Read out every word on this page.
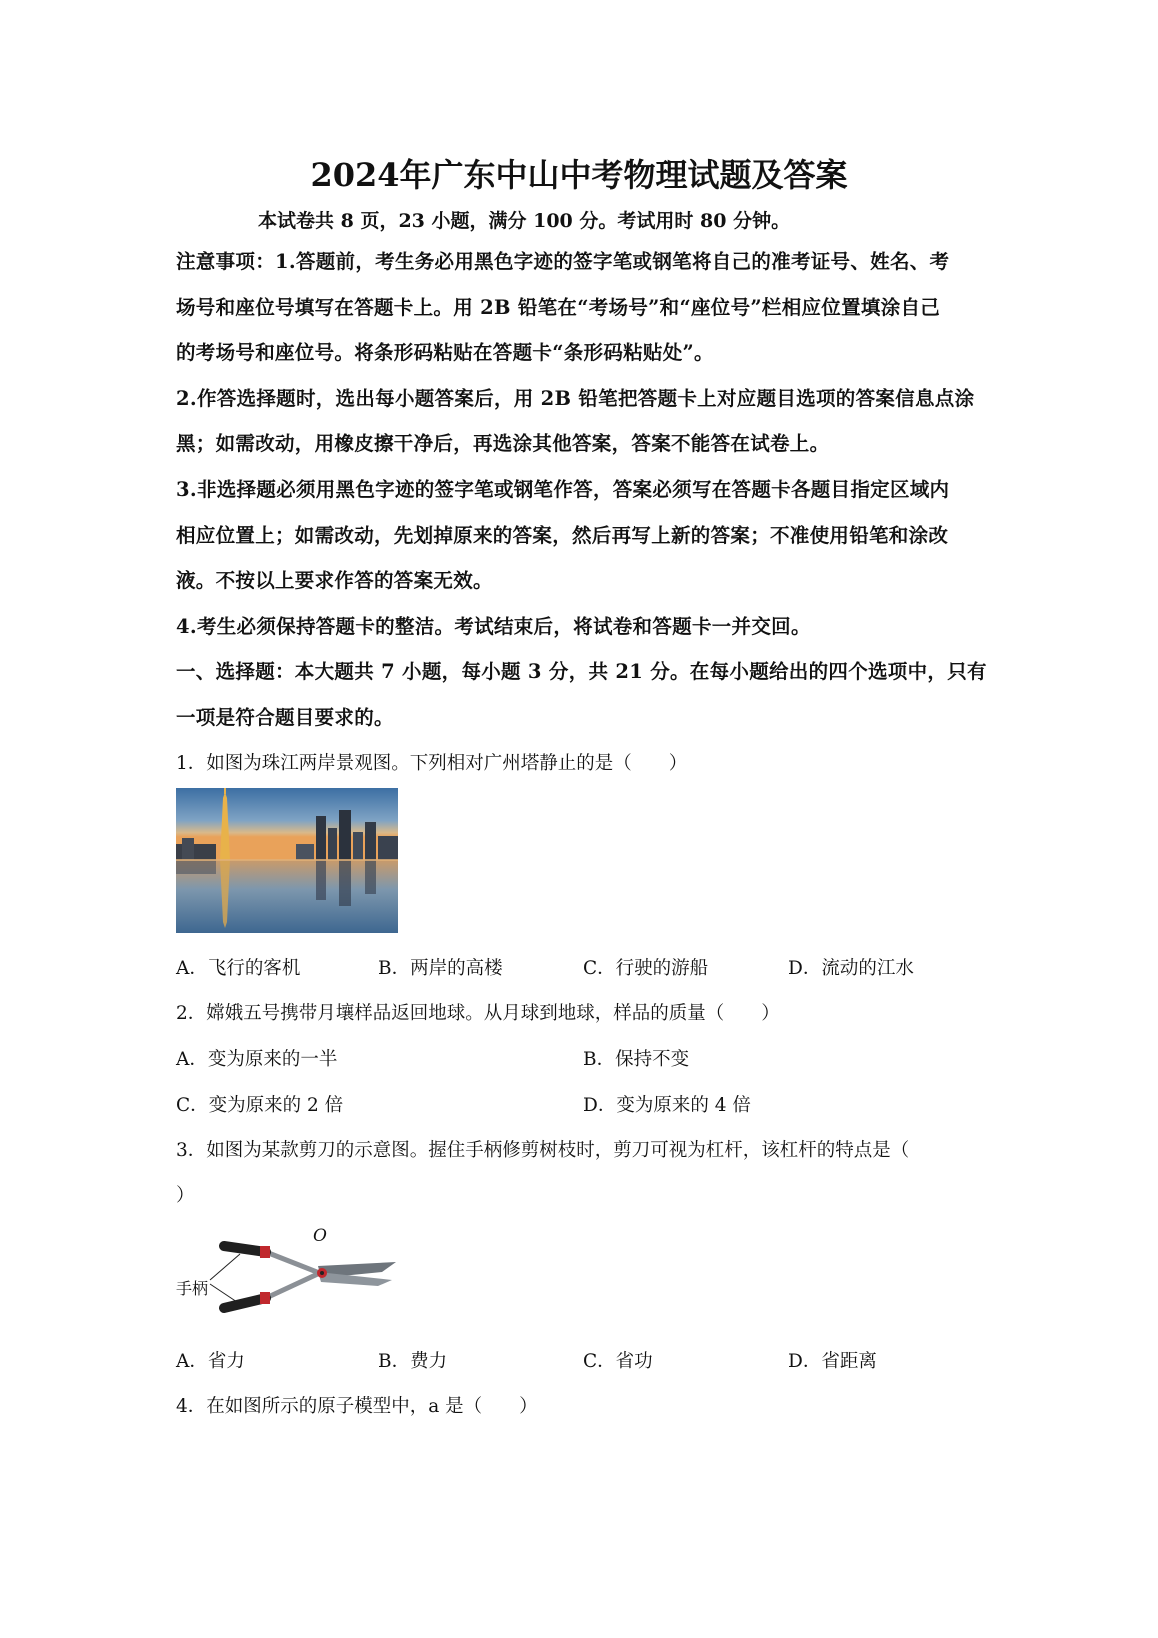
2024年广东中山中考物理试题及答案
本试卷共 8 页，23 小题，满分 100 分。考试用时 80 分钟。
注意事项：1.答题前，考生务必用黑色字迹的签字笔或钢笔将自己的准考证号、姓名、考
场号和座位号填写在答题卡上。用 2B 铅笔在“考场号”和“座位号”栏相应位置填涂自己
的考场号和座位号。将条形码粘贴在答题卡“条形码粘贴处”。
2.作答选择题时，选出每小题答案后，用 2B 铅笔把答题卡上对应题目选项的答案信息点涂
黑；如需改动，用橡皮擦干净后，再选涂其他答案，答案不能答在试卷上。
3.非选择题必须用黑色字迹的签字笔或钢笔作答，答案必须写在答题卡各题目指定区域内
相应位置上；如需改动，先划掉原来的答案，然后再写上新的答案；不准使用铅笔和涂改
液。不按以上要求作答的答案无效。
4.考生必须保持答题卡的整洁。考试结束后，将试卷和答题卡一并交回。
一、选择题：本大题共 7 小题，每小题 3 分，共 21 分。在每小题给出的四个选项中，只有
一项是符合题目要求的。
1．如图为珠江两岸景观图。下列相对广州塔静止的是（　　）
A．飞行的客机	B．两岸的高楼	C．行驶的游船	D．流动的江水
2．嫦娥五号携带月壤样品返回地球。从月球到地球，样品的质量（　　）
A．变为原来的一半	B．保持不变
C．变为原来的 2 倍	D．变为原来的 4 倍
3．如图为某款剪刀的示意图。握住手柄修剪树枝时，剪刀可视为杠杆，该杠杆的特点是（
）
O
手柄
A．省力	B．费力	C．省功	D．省距离
4．在如图所示的原子模型中，a 是（　　）
